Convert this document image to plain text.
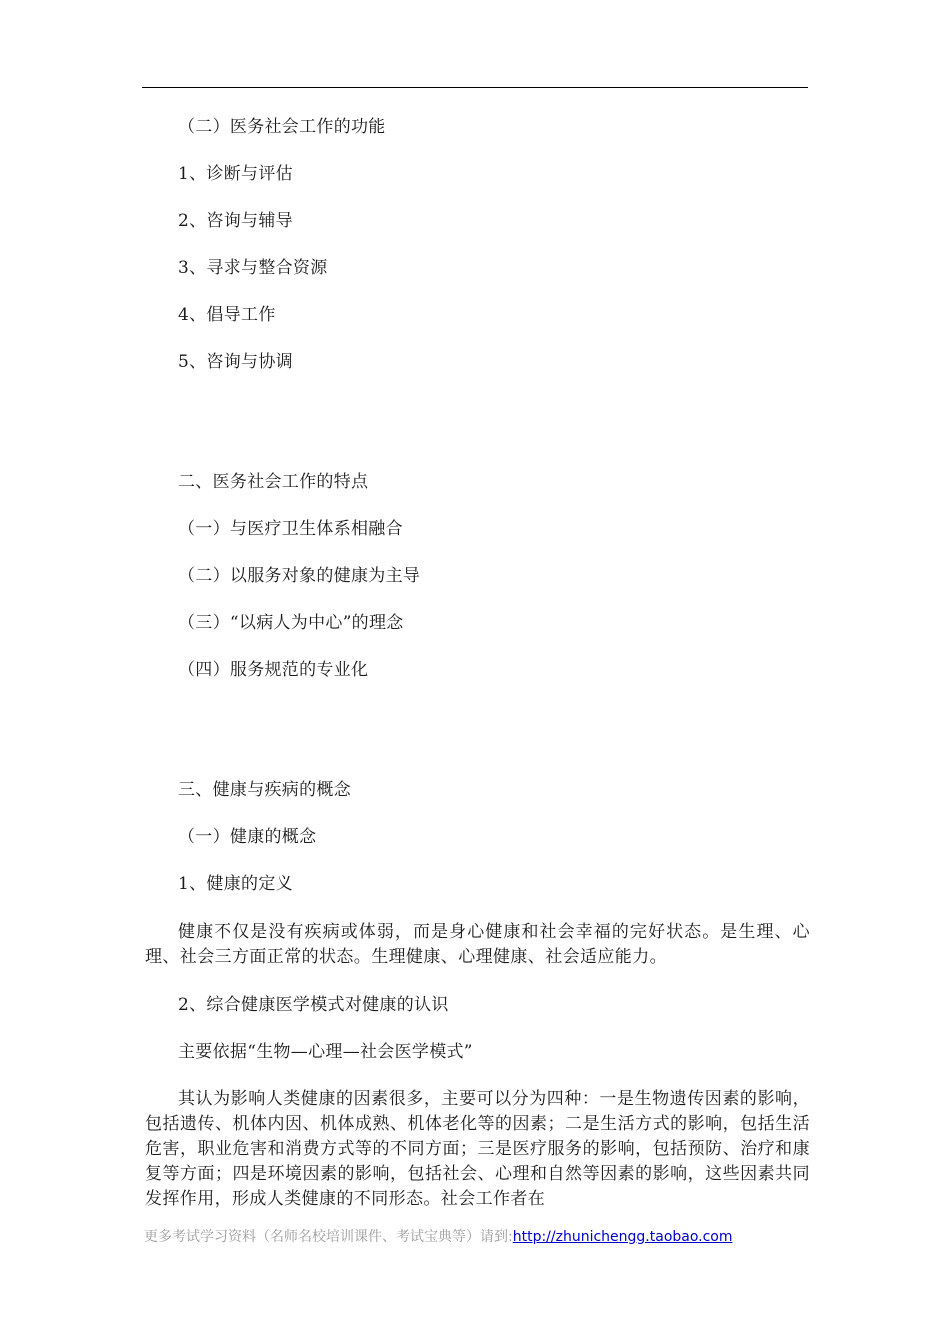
（二）医务社会工作的功能
1、诊断与评估
2、咨询与辅导
3、寻求与整合资源
4、倡导工作
5、咨询与协调
二、医务社会工作的特点
（一）与医疗卫生体系相融合
（二）以服务对象的健康为主导
（三）“以病人为中心”的理念
（四）服务规范的专业化
三、健康与疾病的概念
（一）健康的概念
1、健康的定义
健康不仅是没有疾病或体弱，而是身心健康和社会幸福的完好状态。是生理、心理、社会三方面正常的状态。生理健康、心理健康、社会适应能力。
2、综合健康医学模式对健康的认识
主要依据“生物—心理—社会医学模式”
其认为影响人类健康的因素很多，主要可以分为四种：一是生物遗传因素的影响，包括遗传、机体内因、机体成熟、机体老化等的因素；二是生活方式的影响，包括生活危害，职业危害和消费方式等的不同方面；三是医疗服务的影响，包括预防、治疗和康复等方面；四是环境因素的影响，包括社会、心理和自然等因素的影响，这些因素共同发挥作用，形成人类健康的不同形态。社会工作者在
更多考试学习资料（名师名校培训课件、考试宝典等）请到:http://zhunichengg.taobao.com
